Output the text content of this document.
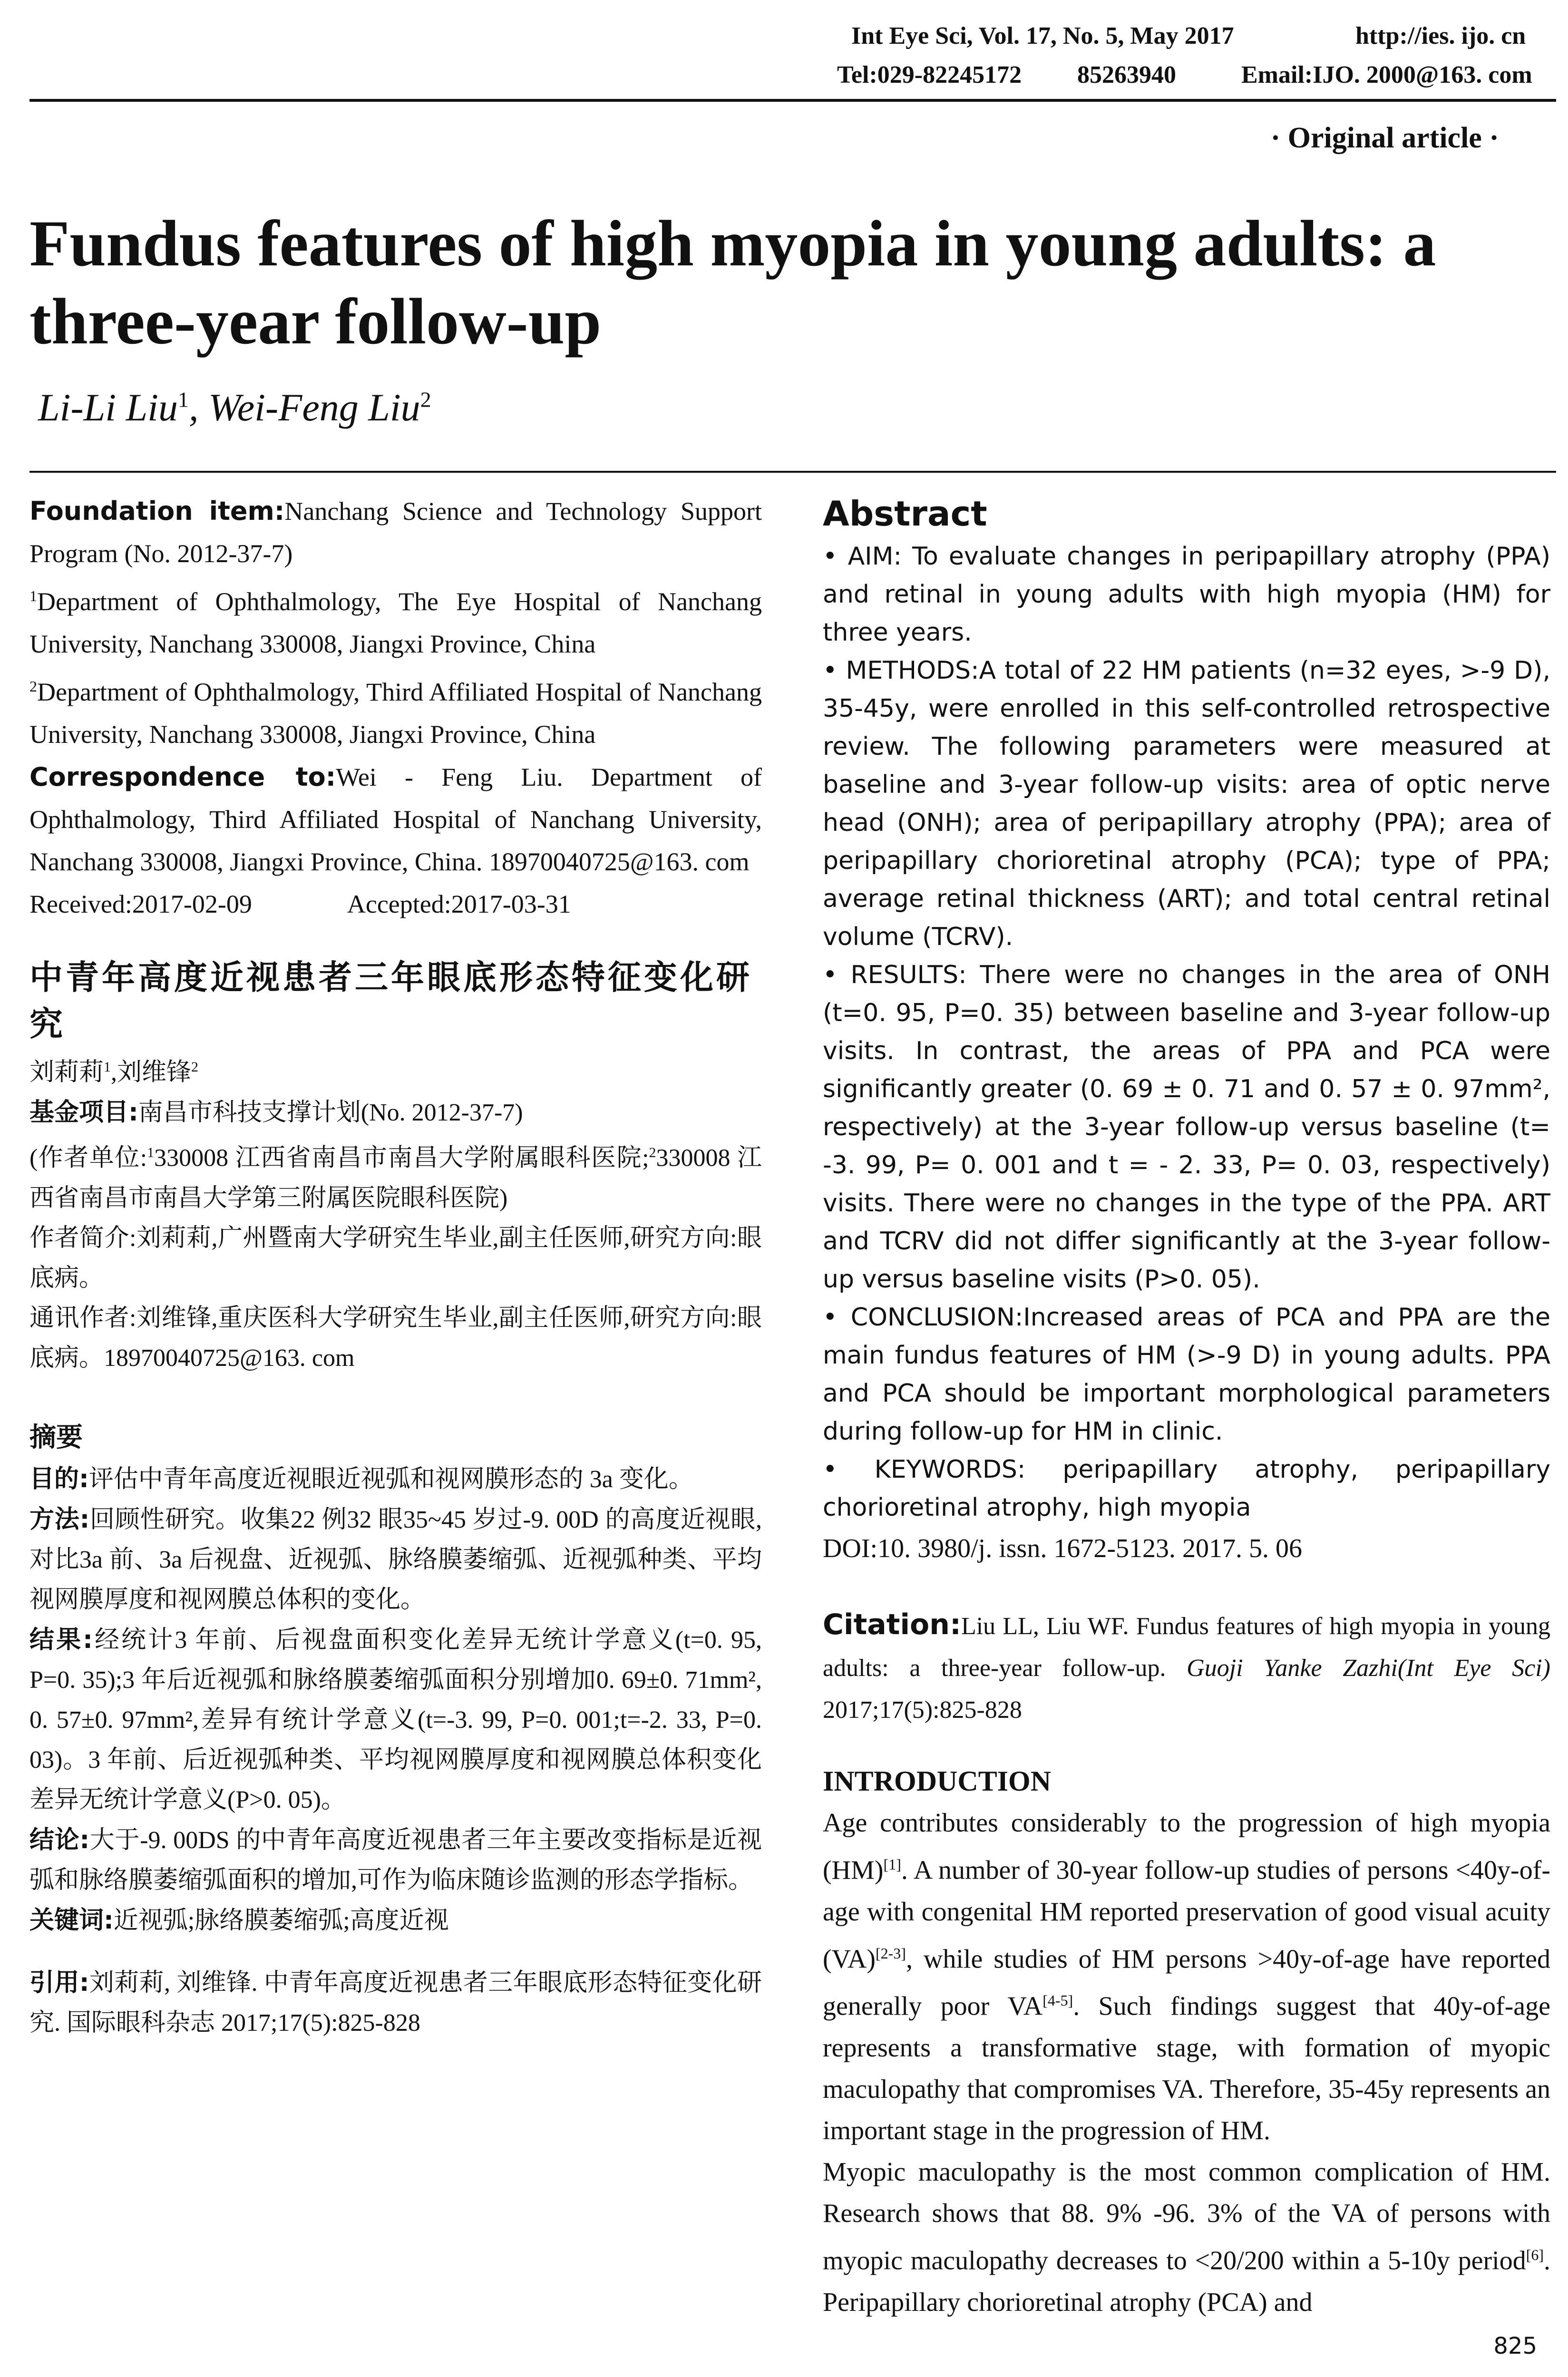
Int Eye Sci, Vol. 17, No. 5, May 2017	http://ies. ijo. cn
Tel:029-82245172 85263940	Email:IJO. 2000@163. com
· Original article ·
Fundus features of high myopia in young adults: a three-year follow-up
Li-Li Liu$^1$, Wei-Feng Liu$^2$

Foundation item:Nanchang Science and Technology Support Program (No. 2012-37-7)

$^1$Department of Ophthalmology, The Eye Hospital of Nanchang University, Nanchang 330008, Jiangxi Province, China

$^2$Department of Ophthalmology, Third Affiliated Hospital of Nanchang University, Nanchang 330008, Jiangxi Province, China

Correspondence to:Wei - Feng Liu. Department of Ophthalmology, Third Affiliated Hospital of Nanchang University, Nanchang 330008, Jiangxi Province, China. 18970040725@163. com

Received:2017-02-09	Accepted:2017-03-31

中青年高度近视患者三年眼底形态特征变化研究

刘莉莉$^1$,刘维锋$^2$

基金项目:南昌市科技支撑计划(No. 2012-37-7)

(作者单位:$^1$330008 江西省南昌市南昌大学附属眼科医院;$^2$330008 江西省南昌市南昌大学第三附属医院眼科医院)

作者简介:刘莉莉,广州暨南大学研究生毕业,副主任医师,研究方向:眼底病。

通讯作者:刘维锋,重庆医科大学研究生毕业,副主任医师,研究方向:眼底病。18970040725@163. com

摘要

目的:评估中青年高度近视眼近视弧和视网膜形态的 3a 变化。

方法:回顾性研究。收集22 例32 眼35~45 岁过-9. 00D 的高度近视眼,对比3a 前、3a 后视盘、近视弧、脉络膜萎缩弧、近视弧种类、平均视网膜厚度和视网膜总体积的变化。

结果:经统计3 年前、后视盘面积变化差异无统计学意义(t=0. 95, P=0. 35);3 年后近视弧和脉络膜萎缩弧面积分别增加0. 69±0. 71mm², 0. 57±0. 97mm²,差异有统计学意义(t=-3. 99, P=0. 001;t=-2. 33, P=0. 03)。3 年前、后近视弧种类、平均视网膜厚度和视网膜总体积变化差异无统计学意义(P>0. 05)。

结论:大于-9. 00DS 的中青年高度近视患者三年主要改变指标是近视弧和脉络膜萎缩弧面积的增加,可作为临床随诊监测的形态学指标。

关键词:近视弧;脉络膜萎缩弧;高度近视

引用:刘莉莉, 刘维锋. 中青年高度近视患者三年眼底形态特征变化研究. 国际眼科杂志 2017;17(5):825-828

Abstract

• AIM: To evaluate changes in peripapillary atrophy (PPA) and retinal in young adults with high myopia (HM) for three years.

• METHODS:A total of 22 HM patients (n=32 eyes, >-9 D), 35-45y, were enrolled in this self-controlled retrospective review. The following parameters were measured at baseline and 3-year follow-up visits: area of optic nerve head (ONH); area of peripapillary atrophy (PPA); area of peripapillary chorioretinal atrophy (PCA); type of PPA; average retinal thickness (ART); and total central retinal volume (TCRV).

• RESULTS: There were no changes in the area of ONH (t=0. 95, P=0. 35) between baseline and 3-year follow-up visits. In contrast, the areas of PPA and PCA were significantly greater (0. 69 ± 0. 71 and 0. 57 ± 0. 97mm², respectively) at the 3-year follow-up versus baseline (t= -3. 99, P= 0. 001 and t = - 2. 33, P= 0. 03, respectively) visits. There were no changes in the type of the PPA. ART and TCRV did not differ significantly at the 3-year follow-up versus baseline visits (P>0. 05).

• CONCLUSION:Increased areas of PCA and PPA are the main fundus features of HM (>-9 D) in young adults. PPA and PCA should be important morphological parameters during follow-up for HM in clinic.

• KEYWORDS: peripapillary atrophy, peripapillary chorioretinal atrophy, high myopia

DOI:10. 3980/j. issn. 1672-5123. 2017. 5. 06

Citation:Liu LL, Liu WF. Fundus features of high myopia in young adults: a three-year follow-up. Guoji Yanke Zazhi(Int Eye Sci) 2017;17(5):825-828

INTRODUCTION

Age contributes considerably to the progression of high myopia (HM)[1]. A number of 30-year follow-up studies of persons <40y-of-age with congenital HM reported preservation of good visual acuity (VA)[2-3], while studies of HM persons >40y-of-age have reported generally poor VA[4-5]. Such findings suggest that 40y-of-age represents a transformative stage, with formation of myopic maculopathy that compromises VA. Therefore, 35-45y represents an important stage in the progression of HM.

Myopic maculopathy is the most common complication of HM. Research shows that 88. 9% -96. 3% of the VA of persons with myopic maculopathy decreases to <20/200 within a 5-10y period[6]. Peripapillary chorioretinal atrophy (PCA) and

825
